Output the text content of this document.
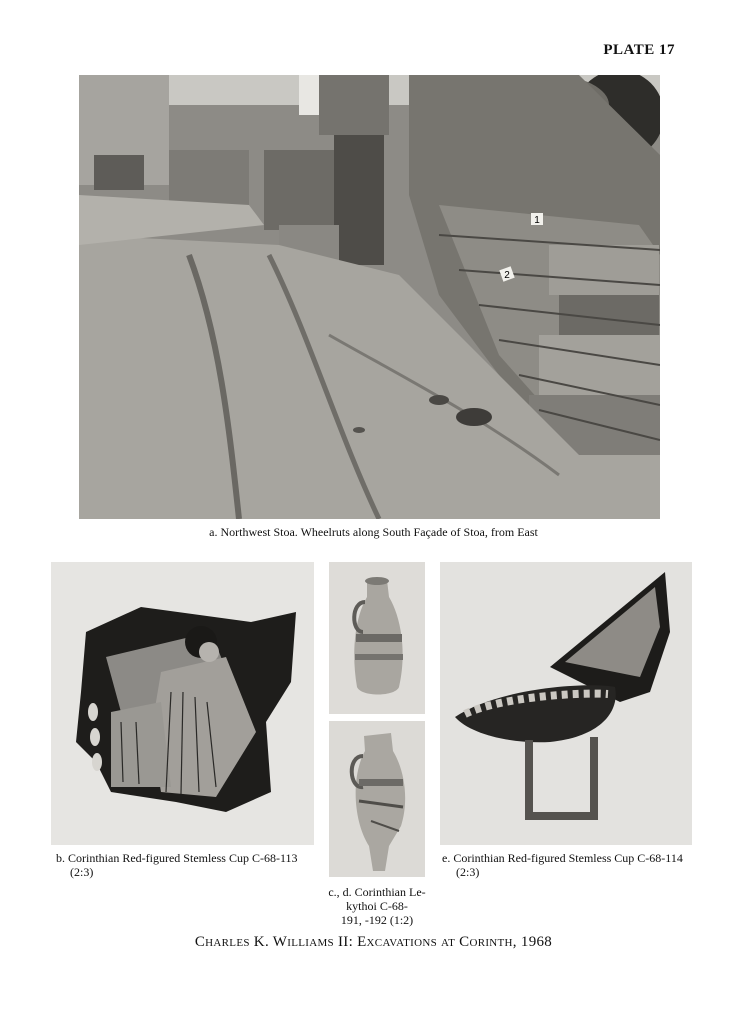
PLATE 17
1
2
a. Northwest Stoa. Wheelruts along South Façade of Stoa, from East
b. Corinthian Red-figured Stemless Cup C-68-113
(2:3)
c., d. Corinthian Le-
kythoi C-68-
191, -192 (1:2)
e. Corinthian Red-figured Stemless Cup C-68-114
(2:3)
Charles K. Williams II: Excavations at Corinth, 1968
